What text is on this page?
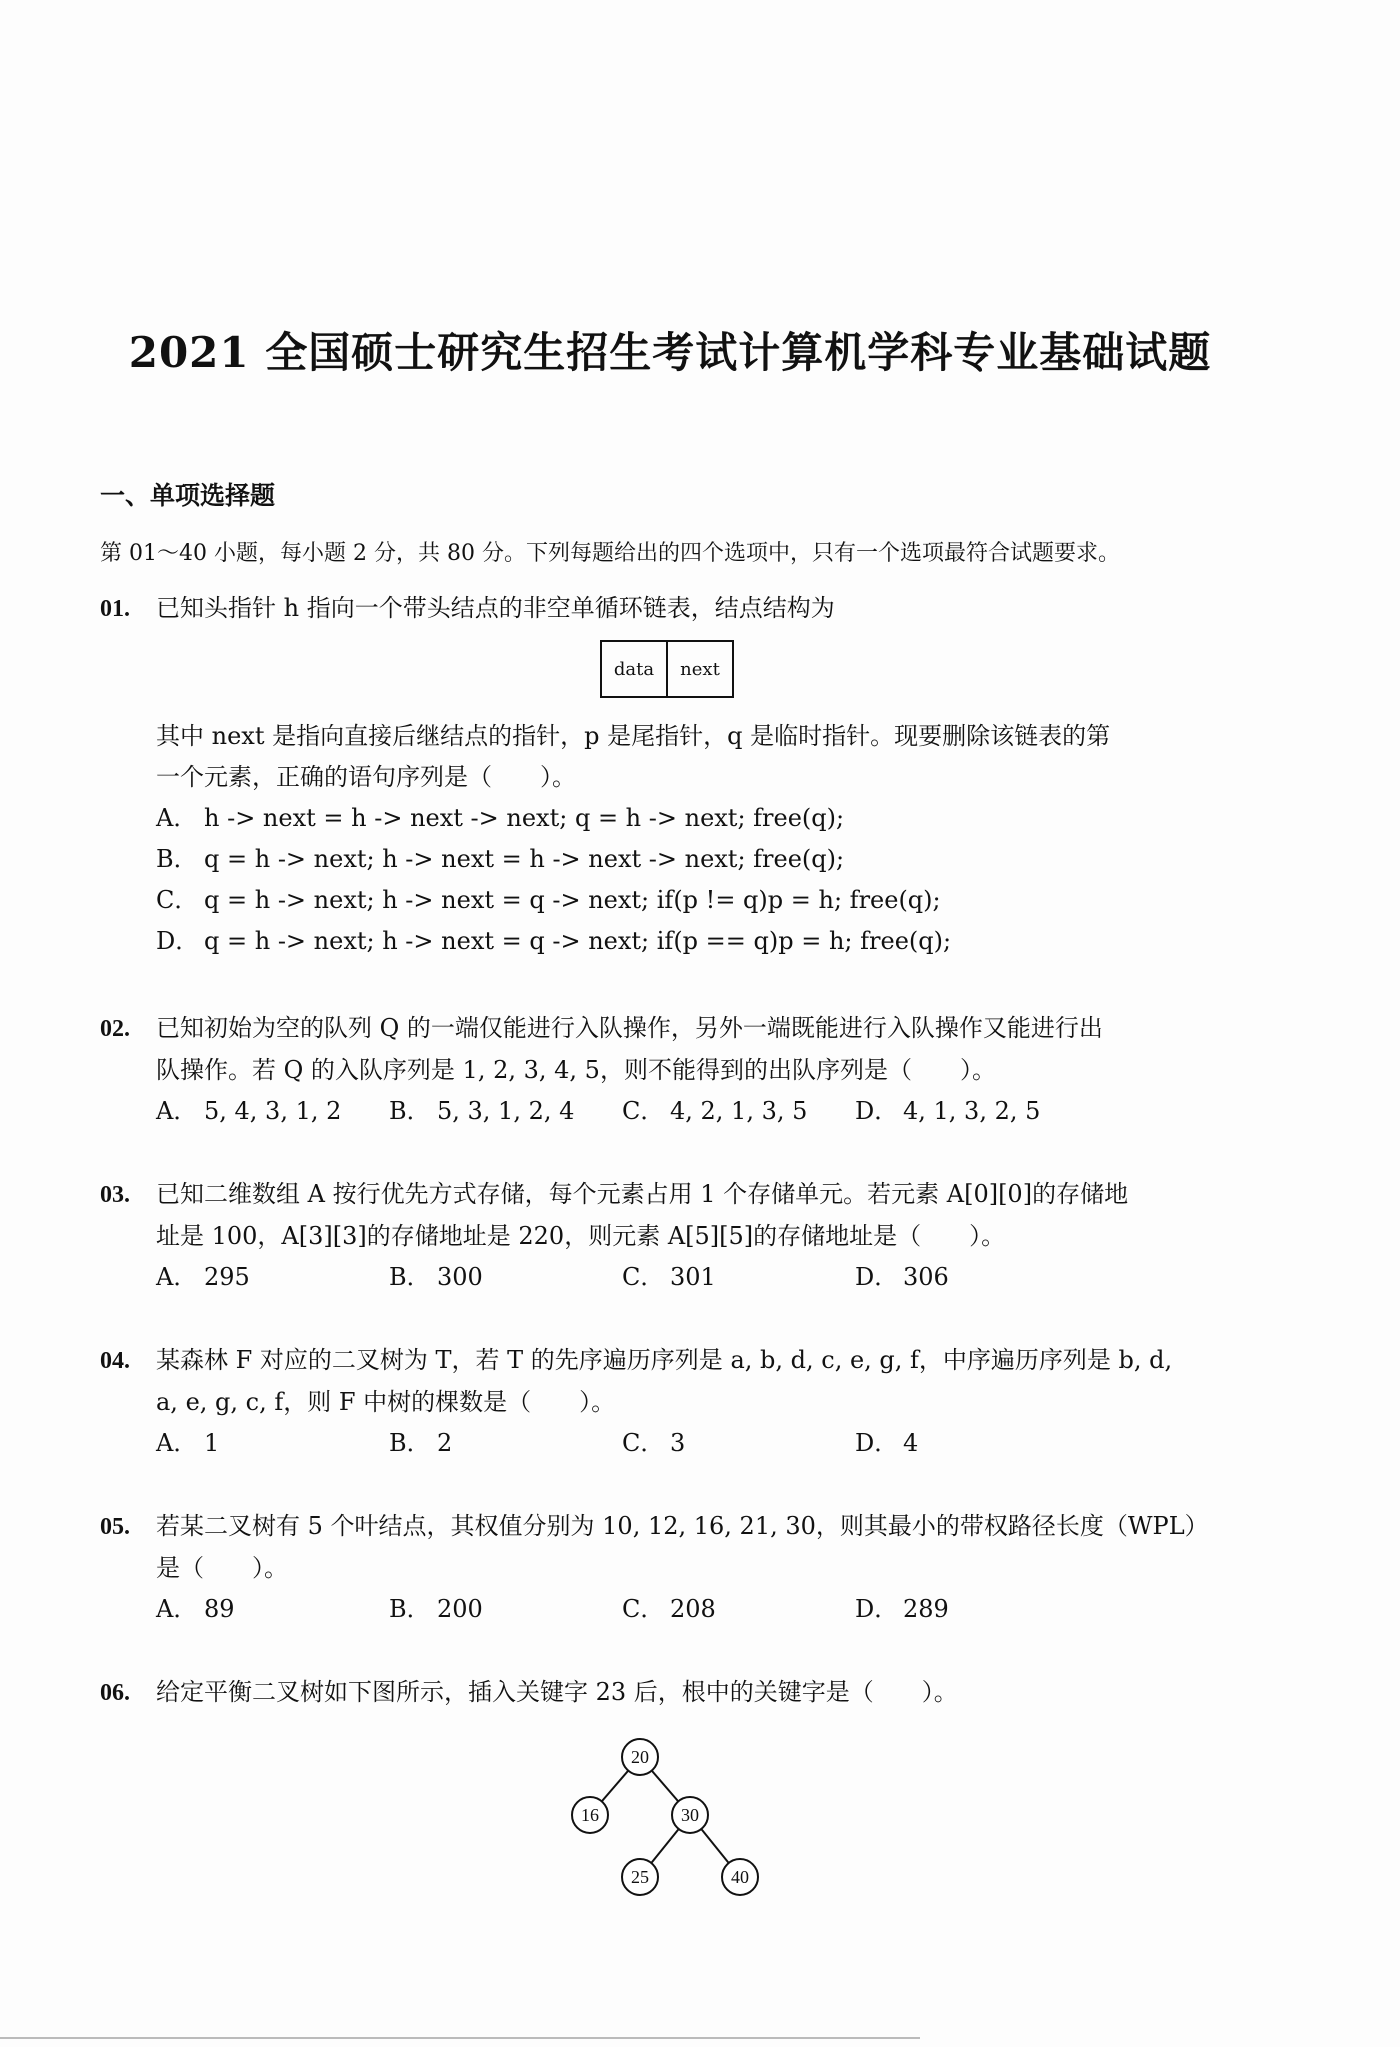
2021 全国硕士研究生招生考试计算机学科专业基础试题
一、单项选择题
第 01～40 小题，每小题 2 分，共 80 分。下列每题给出的四个选项中，只有一个选项最符合试题要求。
01. 已知头指针 h 指向一个带头结点的非空单循环链表，结点结构为
data	next
其中 next 是指向直接后继结点的指针，p 是尾指针，q 是临时指针。现要删除该链表的第
一个元素，正确的语句序列是（　　）。
A． h -> next = h -> next -> next; q = h -> next; free(q);
B． q = h -> next; h -> next = h -> next -> next; free(q);
C． q = h -> next; h -> next = q -> next; if(p != q)p = h; free(q);
D． q = h -> next; h -> next = q -> next; if(p == q)p = h; free(q);
02. 已知初始为空的队列 Q 的一端仅能进行入队操作，另外一端既能进行入队操作又能进行出
队操作。若 Q 的入队序列是 1, 2, 3, 4, 5，则不能得到的出队序列是（　　）。
A． 5, 4, 3, 1, 2	B． 5, 3, 1, 2, 4	C． 4, 2, 1, 3, 5	D． 4, 1, 3, 2, 5
03. 已知二维数组 A 按行优先方式存储，每个元素占用 1 个存储单元。若元素 A[0][0]的存储地
址是 100，A[3][3]的存储地址是 220，则元素 A[5][5]的存储地址是（　　）。
A． 295	B． 300	C． 301	D． 306
04. 某森林 F 对应的二叉树为 T，若 T 的先序遍历序列是 a, b, d, c, e, g, f，中序遍历序列是 b, d,
a, e, g, c, f，则 F 中树的棵数是（　　）。
A． 1	B． 2	C． 3	D． 4
05. 若某二叉树有 5 个叶结点，其权值分别为 10, 12, 16, 21, 30，则其最小的带权路径长度（WPL）
是（　　）。
A． 89	B． 200	C． 208	D． 289
06. 给定平衡二叉树如下图所示，插入关键字 23 后，根中的关键字是（　　）。
20
16	30
25	40
